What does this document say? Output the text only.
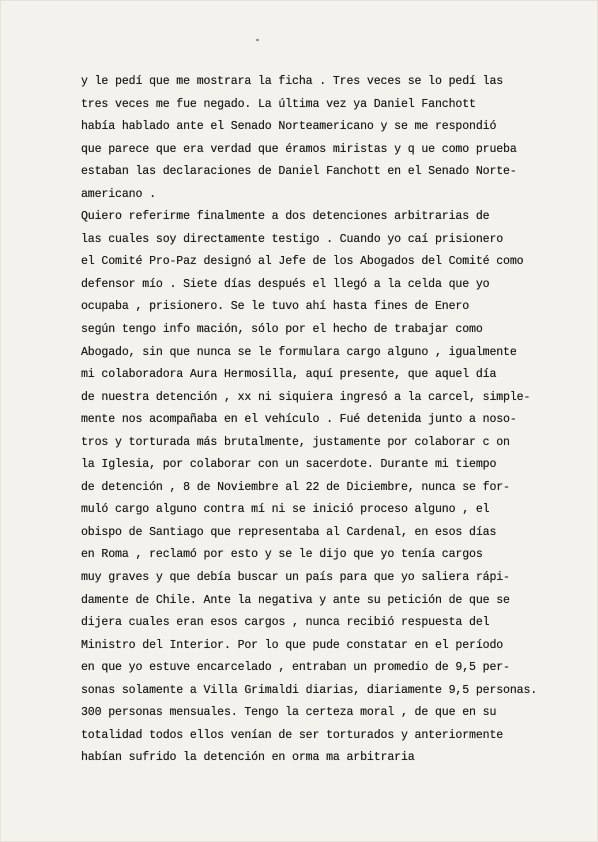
y le pedí que me mostrara la ficha . Tres veces se lo pedí las
tres veces me fue negado. La última vez ya Daniel Fanchott
había hablado ante el Senado Norteamericano y se me respondió
que parece que era verdad que éramos miristas y q ue como prueba
estaban las declaraciones de Daniel Fanchott en el Senado Norte-
americano .
Quiero referirme finalmente a dos detenciones arbitrarias de
las cuales soy directamente testigo . Cuando yo caí prisionero
el Comité Pro-Paz designó al Jefe de los Abogados del Comité como
defensor mío . Siete días después el llegó a la celda que yo
ocupaba , prisionero. Se le tuvo ahí hasta fines de Enero
según tengo info mación, sólo por el hecho de trabajar como
Abogado, sin que nunca se le formulara cargo alguno , igualmente
mi colaboradora Aura Hermosilla, aquí presente, que aquel día
de nuestra detención , xx ni siquiera ingresó a la carcel, simple-
mente nos acompañaba en el vehículo . Fué detenida junto a noso-
tros y torturada más brutalmente, justamente por colaborar c on
la Iglesia, por colaborar con un sacerdote. Durante mi tiempo
de detención , 8 de Noviembre al 22 de Diciembre, nunca se for-
muló cargo alguno contra mí ni se inició proceso alguno , el
obispo de Santiago que representaba al Cardenal, en esos días
en Roma , reclamó por esto y se le dijo que yo tenía cargos
muy graves y que debía buscar un país para que yo saliera rápi-
damente de Chile. Ante la negativa y ante su petición de que se
dijera cuales eran esos cargos , nunca recibió respuesta del
Ministro del Interior. Por lo que pude constatar en el período
en que yo estuve encarcelado , entraban un promedio de 9,5 per-
sonas solamente a Villa Grimaldi diarias, diariamente 9,5 personas.
300 personas mensuales. Tengo la certeza moral , de que en su
totalidad todos ellos venían de ser torturados y anteriormente
habían sufrido la detención en orma ma arbitraria
